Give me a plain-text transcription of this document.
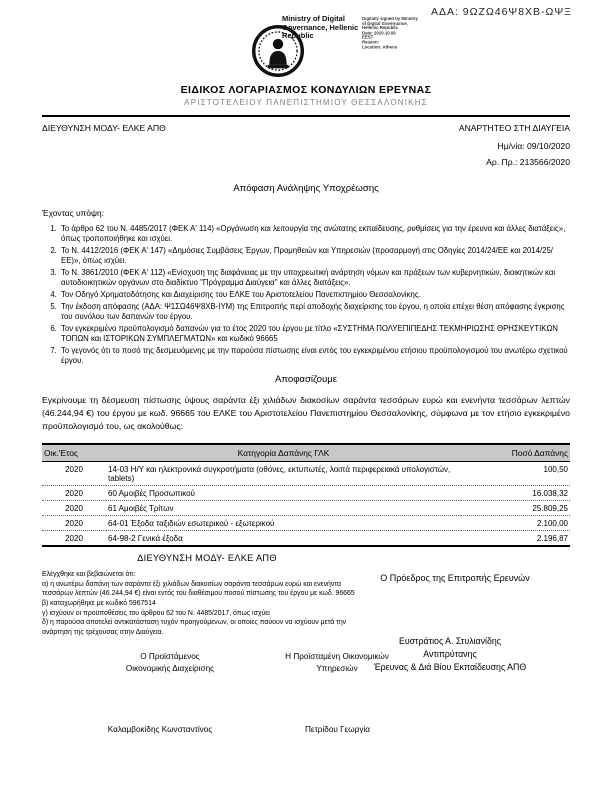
ΑΔΑ: 9ΩΖΩ46Ψ8ΧΒ-ΩΨΞ
Ministry of Digital Governance, Hellenic Republic
Digitally signed by Ministry
of Digital Governance,
Hellenic Republic
Date: 2020.10.09
EEST
Reason:
Location: Athens
ΕΙΔΙΚΟΣ ΛΟΓΑΡΙΑΣΜΟΣ ΚΟΝΔΥΛΙΩΝ ΕΡΕΥΝΑΣ
ΑΡΙΣΤΟΤΕΛΕΙΟΥ ΠΑΝΕΠΙΣΤΗΜΙΟΥ ΘΕΣΣΑΛΟΝΙΚΗΣ
ΔΙΕΥΘΥΝΣΗ ΜΟΔΥ- ΕΛΚΕ ΑΠΘ	ΑΝΑΡΤΗΤΕΟ ΣΤΗ ΔΙΑΥΓΕΙΑ
Ημ/νία: 09/10/2020
Αρ. Πρ.: 213566/2020
Απόφαση Ανάληψης Υποχρέωσης
Έχοντας υπόψη:
1. Το άρθρο 62 του Ν. 4485/2017 (ΦΕΚ Α' 114) «Οργάνωση και λειτουργία της ανώτατης εκπαίδευσης, ρυθμίσεις για την έρευνα και άλλες διατάξεις», όπως τροποποιήθηκε και ισχύει.
2. Το Ν. 4412/2016 (ΦΕΚ Α' 147) «Δημόσιες Συμβάσεις Έργων, Προμηθειών και Υπηρεσιών (προσαρμογή στις Οδηγίες 2014/24/ΕΕ και 2014/25/ΕΕ)», όπως ισχύει.
3. Το Ν. 3861/2010 (ΦΕΚ Α' 112) «Ενίσχυση της διαφάνειας με την υποχρεωτική ανάρτηση νόμων και πράξεων των κυβερνητικών, διοικητικών και αυτοδιοικητικών οργάνων στο διαδίκτυο "Πρόγραμμα Διαύγεια" και άλλες διατάξεις».
4. Τον Οδηγό Χρηματοδότησης και Διαχείρισης του ΕΛΚΕ του Αριστοτελείου Πανεπιστημίου Θεσσαλονίκης.
5. Την έκδοση απόφασης (ΑΔΑ: Ψ1ΣΩ46Ψ8ΧΒ-ΙΥΜ) της Επιτροπής περί αποδοχής διαχείρισης του έργου, η οποία επέχει θέση απόφασης έγκρισης του συνόλου των δαπανών του έργου.
6. Τον εγκεκριμένο προϋπολογισμό δαπανών για το έτος 2020 του έργου με τίτλο «ΣΥΣΤΗΜΑ ΠΟΛΥΕΠΙΠΕΔΗΣ ΤΕΚΜΗΡΙΩΣΗΣ ΘΡΗΣΚΕΥΤΙΚΩΝ ΤΟΠΩΝ και ΙΣΤΟΡΙΚΩΝ ΣΥΜΠΛΕΓΜΑΤΩΝ» και κωδικό 96665
7. Το γεγονός ότι το ποσό της δεσμευόμενης με την παρούσα πίστωσης είναι εντός του εγκεκριμένου ετήσιου προϋπολογισμού του ανωτέρω σχετικού έργου.
Αποφασίζουμε

Εγκρίνουμε τη δέσμευση πίστωσης ύψους σαράντα έξι χιλιάδων διακοσίων σαράντα τεσσάρων ευρώ και ενενήντα τεσσάρων λεπτών (46.244,94 €) του έργου με κωδ. 96665 του ΕΛΚΕ του Αριστοτελείου Πανεπιστημίου Θεσσαλονίκης, σύμφωνα με τον ετήσιο εγκεκριμένο προϋπολογισμό του, ως ακολούθως:

Οικ.'Ετος	Κατηγορία Δαπάνης ΓΛΚ	Ποσό Δαπάνης
2020	14-03 Η/Υ και ηλεκτρονικά συγκροτήματα (οθόνες, εκτυπωτές, λοιπά περιφερειακά υπολογιστών, tablets)	100,50
2020	60 Αμοιβές Προσωπικού	16.038,32
2020	61 Αμοιβές Τρίτων	25.809,25
2020	64-01 Έξοδα ταξιδιών εσωτερικού - εξωτερικού	2.100,00
2020	64-98-2 Γενικά έξοδα	2.196,87
ΔΙΕΥΘΥΝΣΗ ΜΟΔΥ- ΕΛΚΕ ΑΠΘ

Ελέγχθηκε και βεβαιώνεται ότι:

α) η ανωτέρω δαπάνη των σαράντα έξι χιλιάδων διακοσίων σαράντα τεσσάρων ευρώ και ενενήντα τεσσάρων λεπτών (46.244,94 €) είναι εντός του διαθέσιμου ποσού πίστωσης του έργου με κωδ. 96665

β) καταχωρήθηκε με κωδικό 5967514

γ) ισχύουν οι προϋποθέσεις του άρθρου 62 του Ν. 4485/2017, όπως ισχύει

δ) η παρούσα αποτελεί αντικατάσταση τυχόν προηγούμενων, οι οποίες παύουν να ισχύουν μετά την ανάρτηση της τρέχουσας στην Διαύγεια.

Ο Πρόεδρος της Επιτροπής Ερευνών
Ευστράτιος Α. Στυλιανίδης
Αντιπρύτανης
Έρευνας & Διά Βίου Εκπαίδευσης ΑΠΘ
Ο Προϊστάμενος
Οικονομικής Διαχείρισης
Η Προϊσταμένη Οικονομικών
Υπηρεσιών
Καλαμβοκίδης Κωνσταντίνος	Πετρίδου Γεωργία
